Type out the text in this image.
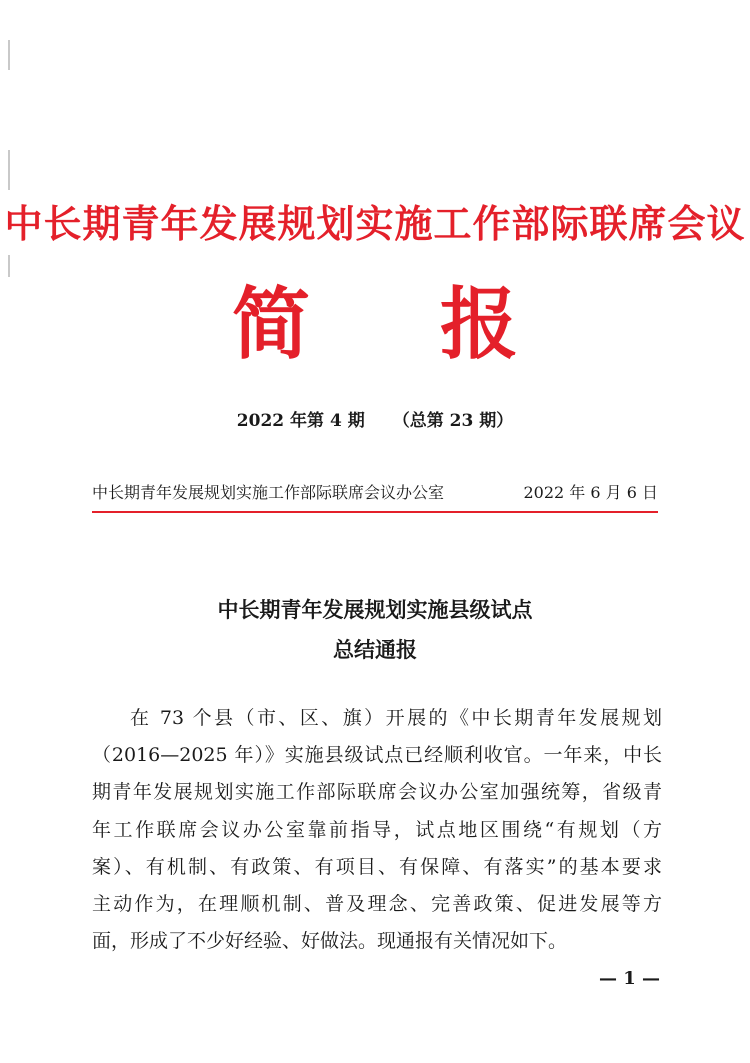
中长期青年发展规划实施工作部际联席会议
简 报
2022 年第 4 期 （总第 23 期）
中长期青年发展规划实施工作部际联席会议办公室	2022 年 6 月 6 日
中长期青年发展规划实施县级试点
总结通报
在 73 个县（市、区、旗）开展的《中长期青年发展规划
（2016—2025 年）》实施县级试点已经顺利收官。一年来，中长
期青年发展规划实施工作部际联席会议办公室加强统筹，省级青
年工作联席会议办公室靠前指导，试点地区围绕“有规划（方
案）、有机制、有政策、有项目、有保障、有落实”的基本要求
主动作为，在理顺机制、普及理念、完善政策、促进发展等方
面，形成了不少好经验、好做法。现通报有关情况如下。
— 1 —
